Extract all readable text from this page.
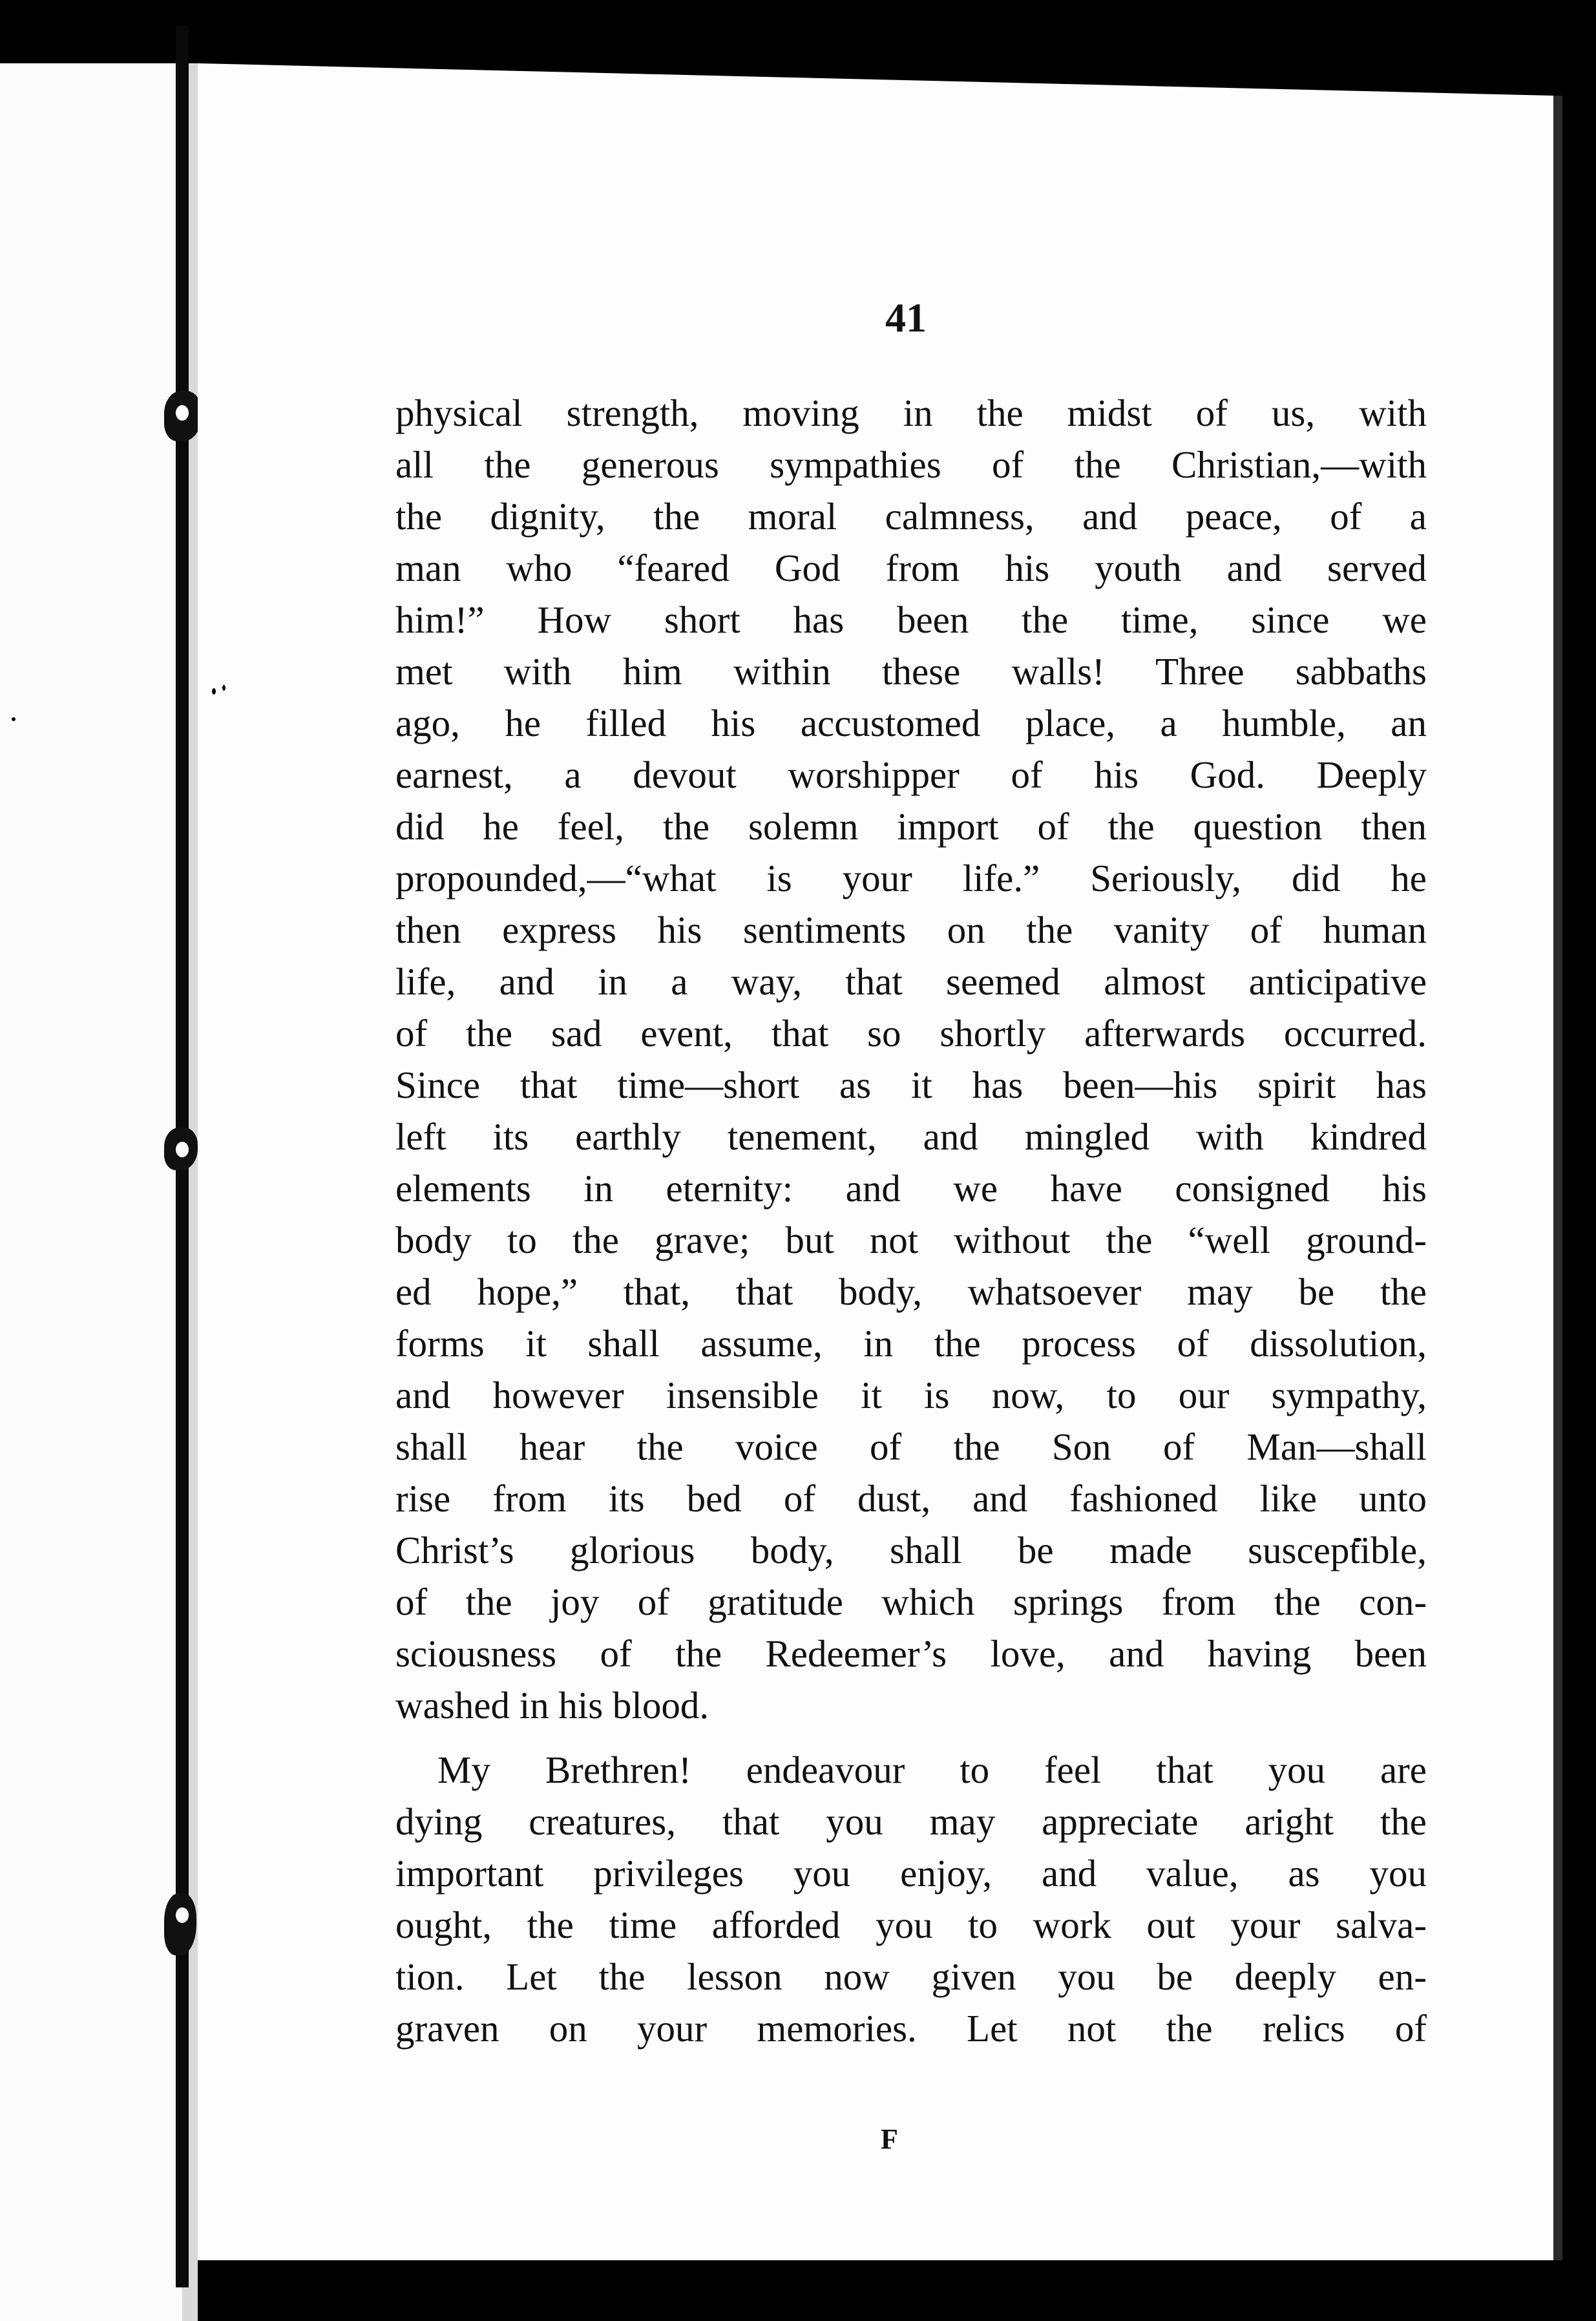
41
physical strength, moving in the midst of us, with
all the generous sympathies of the Christian,—with
the dignity, the moral calmness, and peace, of a
man who “feared God from his youth and served
him!” How short has been the time, since we
met with him within these walls! Three sabbaths
ago, he filled his accustomed place, a humble, an
earnest, a devout worshipper of his God. Deeply
did he feel, the solemn import of the question then
propounded,—“what is your life.” Seriously, did he
then express his sentiments on the vanity of human
life, and in a way, that seemed almost anticipative
of the sad event, that so shortly afterwards occurred.
Since that time—short as it has been—his spirit has
left its earthly tenement, and mingled with kindred
elements in eternity: and we have consigned his
body to the grave; but not without the “well ground-
ed hope,” that, that body, whatsoever may be the
forms it shall assume, in the process of dissolution,
and however insensible it is now, to our sympathy,
shall hear the voice of the Son of Man—shall
rise from its bed of dust, and fashioned like unto
Christ’s glorious body, shall be made susceptible,
of the joy of gratitude which springs from the con-
sciousness of the Redeemer’s love, and having been
washed in his blood.
My Brethren! endeavour to feel that you are
dying creatures, that you may appreciate aright the
important privileges you enjoy, and value, as you
ought, the time afforded you to work out your salva-
tion. Let the lesson now given you be deeply en-
graven on your memories. Let not the relics of
F
